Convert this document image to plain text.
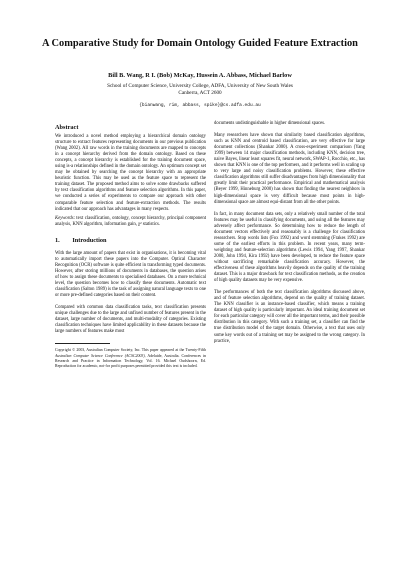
A Comparative Study for Domain Ontology Guided Feature Extraction
Bill B. Wang, R I. (Bob) McKay, Hussein A. Abbass, Michael Barlow
School of Computer Science, University College, ADFA, University of New South Wales
Canberra, ACT 2600
{bianwang, rim, abbass, spike}@cs.adfa.edu.au
Abstract

We introduced a novel method employing a hierarchical domain ontology structure to extract features representing documents in our previous publication (Wang 2002). All raw words in the training documents are mapped to concepts in a concept hierarchy derived from the domain ontology. Based on these concepts, a concept hierarchy is established for the training document space, using is-a relationships defined in the domain ontology. An optimum concept set may be obtained by searching the concept hierarchy with an appropriate heuristic function. This may be used as the feature space to represent the training dataset. The proposed method aims to solve some drawbacks suffered by text classification algorithms and feature selection algorithms. In this paper, we conducted a series of experiments to compare our approach with other comparable feature selection and feature-extraction methods. The results indicated that our approach has advantages in many respects.

Keywords: text classification, ontology, concept hierarchy, principal component analysis, KNN algorithm, information gain, χ² statistics.

1.        Introduction

With the large amount of papers that exist in organisations, it is becoming vital to automatically import these papers into the Computer. Optical Character Recognition (OCR) software is quite efficient in transforming typed documents. However, after storing millions of documents in databases, the question arises of how to assign these documents to specialised databases. On a more technical level, the question becomes how to classify these documents. Automatic text classification (Salton 1989) is the task of assigning natural language texts to one or more pre-defined categories based on their content.

Compared with common data classification tasks, text classification presents unique challenges due to the large and unfixed number of features present in the dataset, large number of documents, and multi-modality of categories. Existing classification techniques have limited applicability in these datasets because the large numbers of features make most

Copyright © 2003, Australian Computer Society, Inc. This paper appeared at the Twenty-Fifth Australian Computer Science Conference (ACSC2003), Adelaide, Australia. Conferences in Research and Practice in Information Technology, Vol. 16. Michael Oudshoorn, Ed. Reproduction for academic, not-for profit purposes permitted provided this text is included.

documents undistinguishable in higher dimensional spaces.

Many researchers have shown that similarity based classification algorithms, such as KNN and centroid based classification, are very effective for large document collections (Shankar 2000). A cross-experiment comparison (Yang 1999) between 14 major classification methods, including KNN, decision tree, naive Bayes, linear least squares fit, neural network, SWAP-1, Rocchio, etc., has shown that KNN is one of the top performers, and it performs well in scaling up to very large and noisy classification problems. However, these effective classification algorithms still suffer disadvantages from high dimensionality that greatly limit their practical performance. Empirical and mathematical analysis (Beyer 1999, Hinneburg 2000) has shown that finding the nearest neighbors in high-dimensional space is very difficult because most points in high-dimensional space are almost equi-distant from all the other points.

In fact, in many document data sets, only a relatively small number of the total features may be useful in classifying documents, and using all the features may adversely affect performance. So determining how to reduce the length of document vectors effectively and reasonably is a challenge for classification researchers. Stop words lists (Fox 1992) and word stemming (Frakes 1992) are some of the earliest efforts in this problem. In recent years, many term-weighting and feature-selection algorithms (Lewis 1994, Yang 1997, Shankar 2000, John 1994, Kira 1992) have been developed, to reduce the feature space without sacrificing remarkable classification accuracy. However, the effectiveness of these algorithms heavily depends on the quality of the training dataset. This is a major drawback for text classification methods, as the creation of high quality datasets may be very expensive.

The performances of both the text classification algorithms discussed above, and of feature selection algorithms, depend on the quality of training dataset. The KNN classifier is an instance-based classifier, which means a training dataset of high quality is particularly important. An ideal training document set for each particular category will cover all the important terms, and their possible distribution in this category. With such a training set, a classifier can find the true distribution model of the target domain. Otherwise, a text that uses only some key words out of a training set may be assigned to the wrong category. In practice,
